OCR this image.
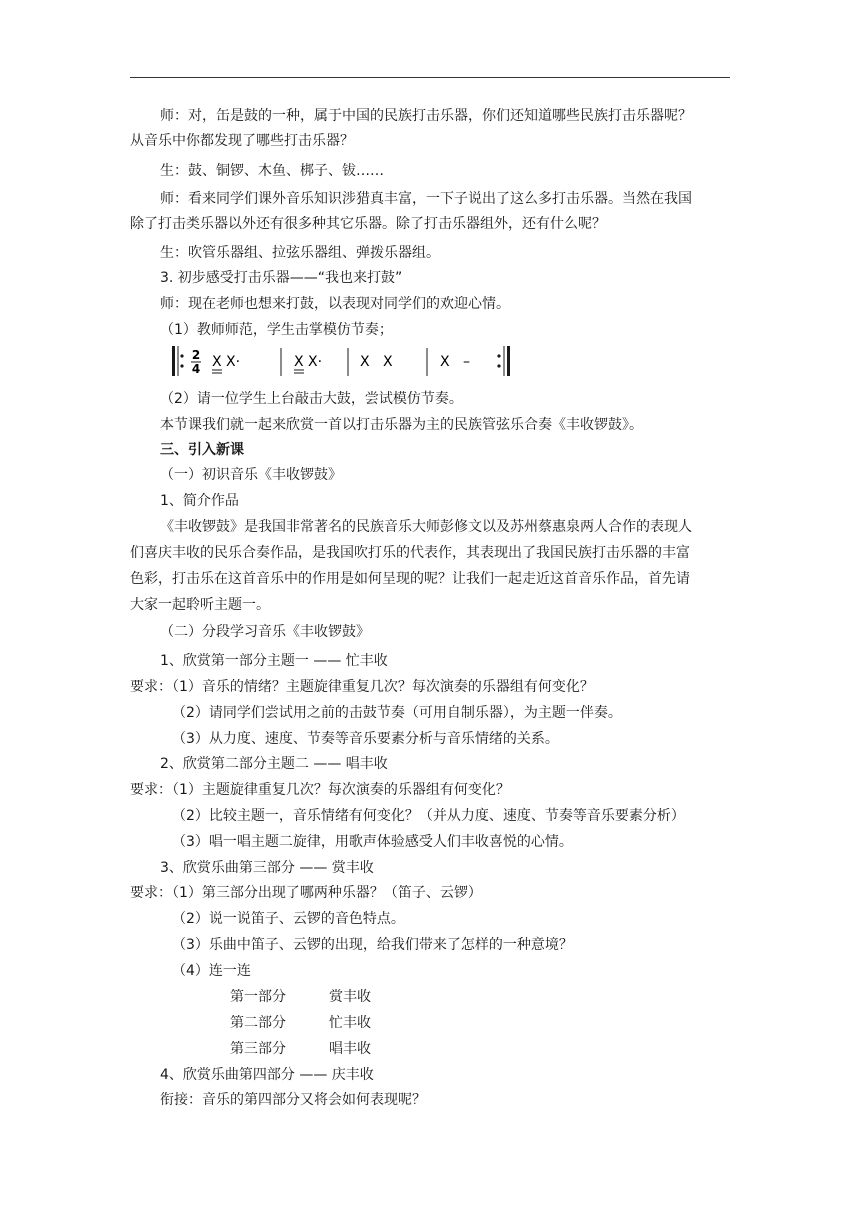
师：对，缶是鼓的一种，属于中国的民族打击乐器，你们还知道哪些民族打击乐器呢？
从音乐中你都发现了哪些打击乐器？
生：鼓、铜锣、木鱼、梆子、钹……
师：看来同学们课外音乐知识涉猎真丰富，一下子说出了这么多打击乐器。当然在我国
除了打击类乐器以外还有很多种其它乐器。除了打击乐器组外，还有什么呢？
生：吹管乐器组、拉弦乐器组、弹拨乐器组。
3. 初步感受打击乐器——“我也来打鼓”
师：现在老师也想来打鼓，以表现对同学们的欢迎心情。
（1）教师师范，学生击掌模仿节奏；
2
4 X X·	X X·	X   X	X   –
（2）请一位学生上台敲击大鼓，尝试模仿节奏。
本节课我们就一起来欣赏一首以打击乐器为主的民族管弦乐合奏《丰收锣鼓》。
三、引入新课
（一）初识音乐《丰收锣鼓》
1、简介作品
《丰收锣鼓》是我国非常著名的民族音乐大师彭修文以及苏州蔡惠泉两人合作的表现人
们喜庆丰收的民乐合奏作品，是我国吹打乐的代表作，其表现出了我国民族打击乐器的丰富
色彩，打击乐在这首音乐中的作用是如何呈现的呢？让我们一起走近这首音乐作品，首先请
大家一起聆听主题一。
（二）分段学习音乐《丰收锣鼓》
1、欣赏第一部分主题一 —— 忙丰收
要求：（1）音乐的情绪？主题旋律重复几次？每次演奏的乐器组有何变化？
（2）请同学们尝试用之前的击鼓节奏（可用自制乐器），为主题一伴奏。
（3）从力度、速度、节奏等音乐要素分析与音乐情绪的关系。
2、欣赏第二部分主题二 —— 唱丰收
要求：（1）主题旋律重复几次？每次演奏的乐器组有何变化？
（2）比较主题一，音乐情绪有何变化？（并从力度、速度、节奏等音乐要素分析）
（3）唱一唱主题二旋律，用歌声体验感受人们丰收喜悦的心情。
3、欣赏乐曲第三部分 —— 赏丰收
要求：（1）第三部分出现了哪两种乐器？（笛子、云锣）
（2）说一说笛子、云锣的音色特点。
（3）乐曲中笛子、云锣的出现，给我们带来了怎样的一种意境？
（4）连一连
第一部分	赏丰收
第二部分	忙丰收
第三部分	唱丰收
4、欣赏乐曲第四部分 —— 庆丰收
衔接：音乐的第四部分又将会如何表现呢？
